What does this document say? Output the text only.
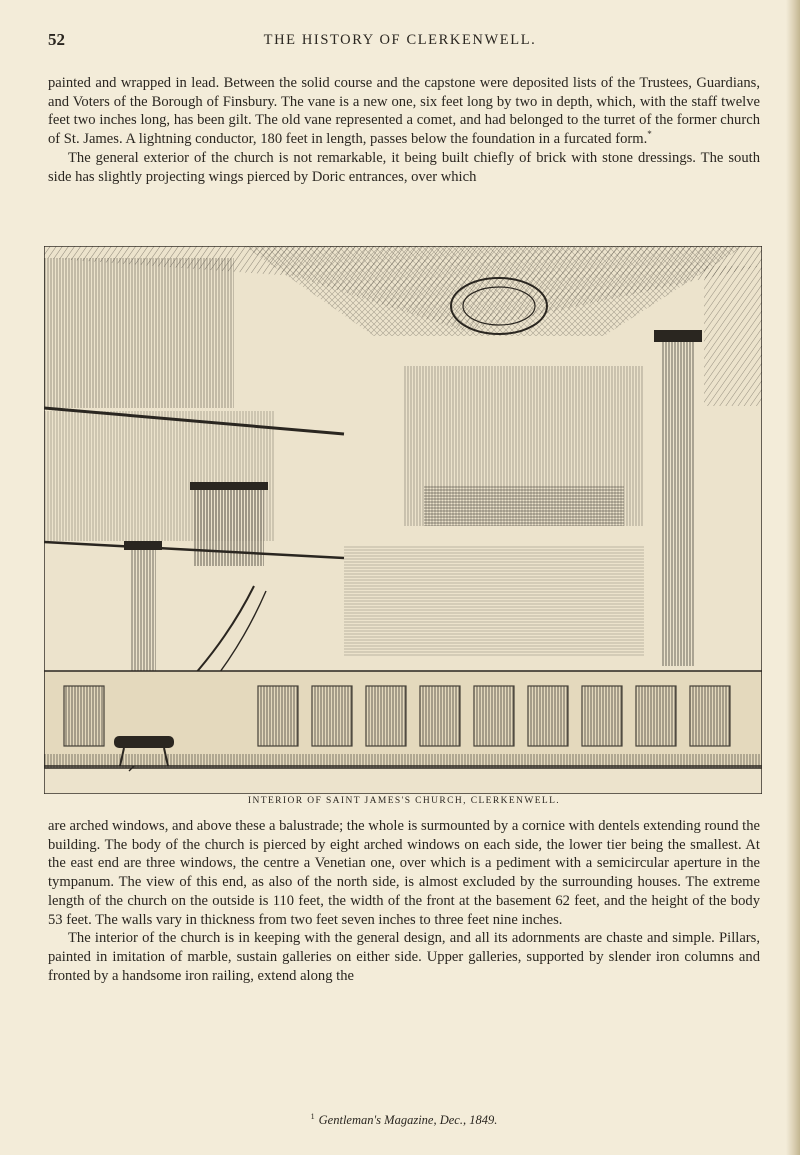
52	THE HISTORY OF CLERKENWELL.

painted and wrapped in lead. Between the solid course and the capstone were deposited lists of the Trustees, Guardians, and Voters of the Borough of Finsbury. The vane is a new one, six feet long by two in depth, which, with the staff twelve feet two inches long, has been gilt. The old vane represented a comet, and had belonged to the turret of the former church of St. James. A lightning conductor, 180 feet in length, passes below the foundation in a furcated form.*

The general exterior of the church is not remarkable, it being built chiefly of brick with stone dressings. The south side has slightly projecting wings pierced by Doric entrances, over which

INTERIOR OF SAINT JAMES'S CHURCH, CLERKENWELL.

are arched windows, and above these a balustrade; the whole is surmounted by a cornice with dentels extending round the building. The body of the church is pierced by eight arched windows on each side, the lower tier being the smallest. At the east end are three windows, the centre a Venetian one, over which is a pediment with a semicircular aperture in the tympanum. The view of this end, as also of the north side, is almost excluded by the surrounding houses. The extreme length of the church on the outside is 110 feet, the width of the front at the basement 62 feet, and the height of the body 53 feet. The walls vary in thickness from two feet seven inches to three feet nine inches.

The interior of the church is in keeping with the general design, and all its adornments are chaste and simple. Pillars, painted in imitation of marble, sustain galleries on either side. Upper galleries, supported by slender iron columns and fronted by a handsome iron railing, extend along the

$^1$ Gentleman's Magazine, Dec., 1849.
